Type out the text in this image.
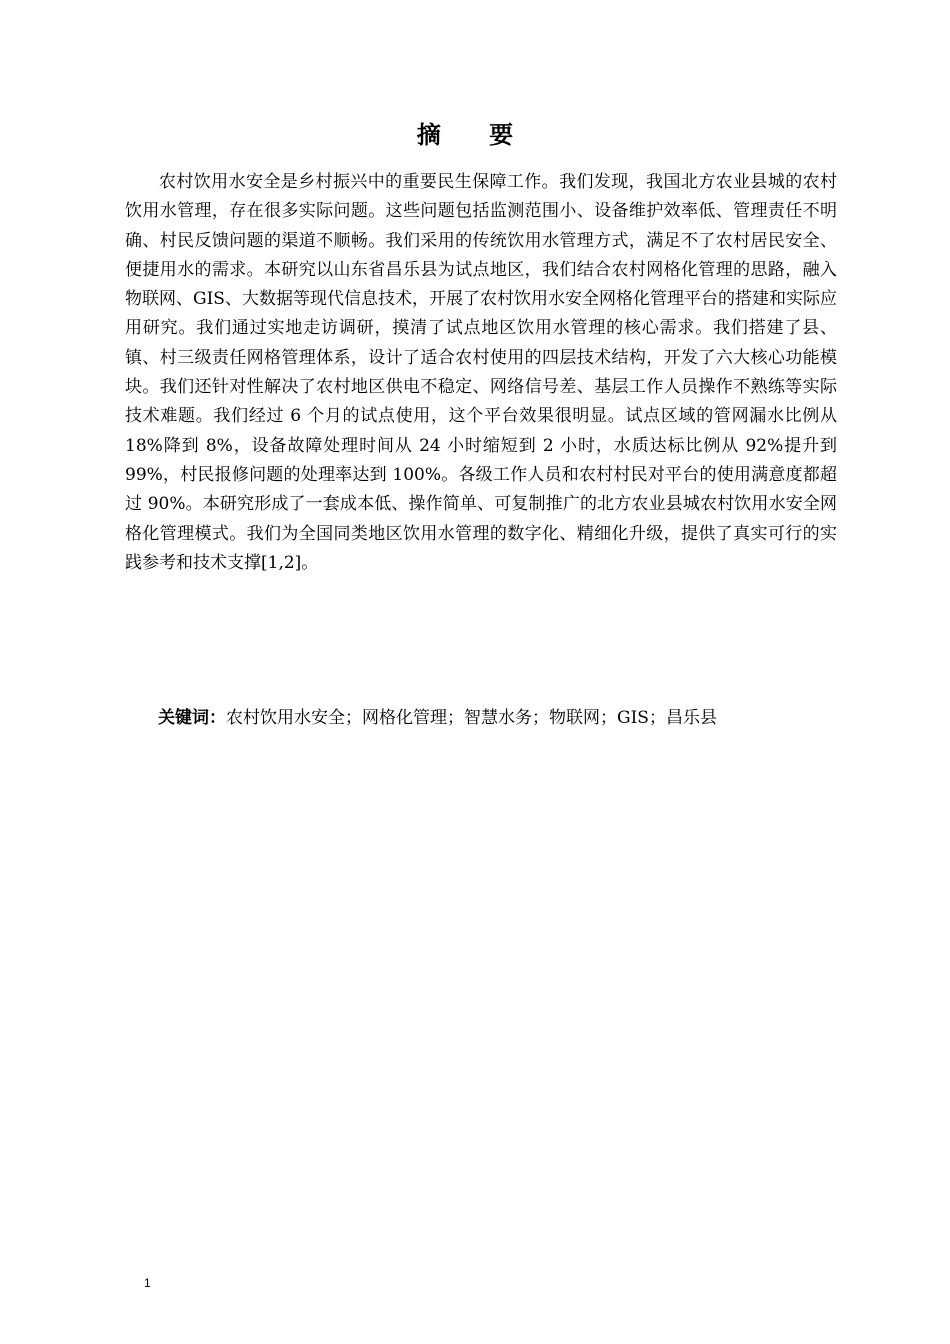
摘 要

农村饮用水安全是乡村振兴中的重要民生保障工作。我们发现，我国北方农业县城的农村饮用水管理，存在很多实际问题。这些问题包括监测范围小、设备维护效率低、管理责任不明确、村民反馈问题的渠道不顺畅。我们采用的传统饮用水管理方式，满足不了农村居民安全、便捷用水的需求。本研究以山东省昌乐县为试点地区，我们结合农村网格化管理的思路，融入物联网、GIS、大数据等现代信息技术，开展了农村饮用水安全网格化管理平台的搭建和实际应用研究。我们通过实地走访调研，摸清了试点地区饮用水管理的核心需求。我们搭建了县、镇、村三级责任网格管理体系，设计了适合农村使用的四层技术结构，开发了六大核心功能模块。我们还针对性解决了农村地区供电不稳定、网络信号差、基层工作人员操作不熟练等实际技术难题。我们经过 6 个月的试点使用，这个平台效果很明显。试点区域的管网漏水比例从 18%降到 8%，设备故障处理时间从 24 小时缩短到 2 小时，水质达标比例从 92%提升到 99%，村民报修问题的处理率达到 100%。各级工作人员和农村村民对平台的使用满意度都超过 90%。本研究形成了一套成本低、操作简单、可复制推广的北方农业县城农村饮用水安全网格化管理模式。我们为全国同类地区饮用水管理的数字化、精细化升级，提供了真实可行的实践参考和技术支撑[1,2]。

关键词：农村饮用水安全；网格化管理；智慧水务；物联网；GIS；昌乐县
1
